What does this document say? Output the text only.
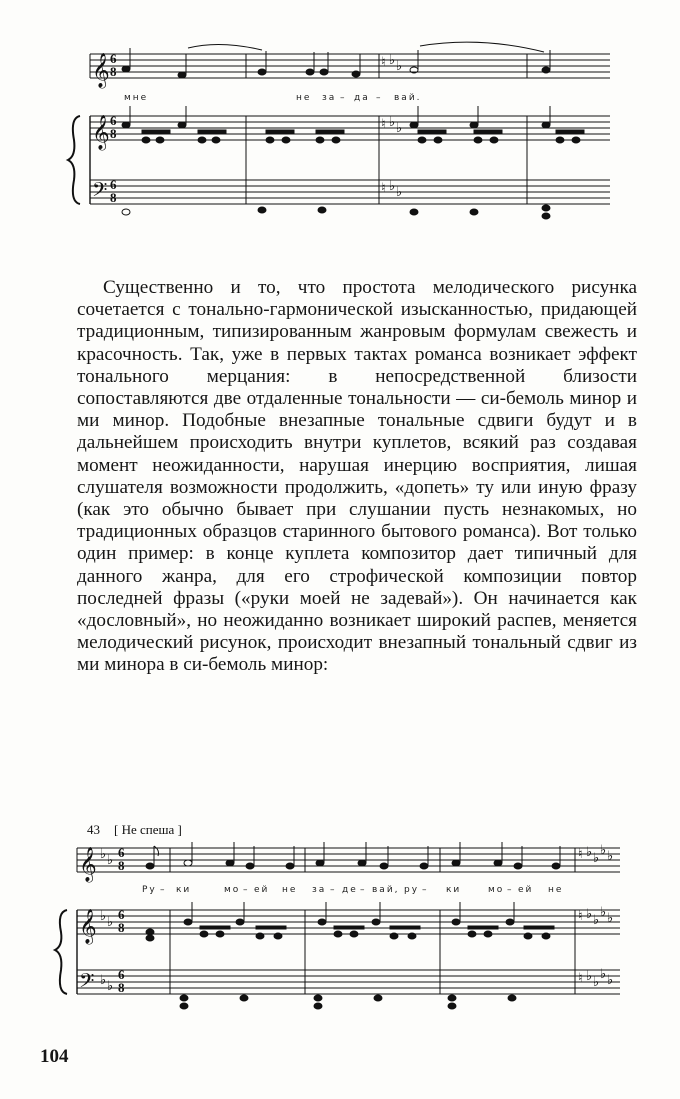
𝄞 6
8
𝄞 6
8
𝄢 6
8
♮ ♭ ♭
♮ ♭ ♭
♮ ♭ ♭
мне	не за – да – вай.

Существенно и то, что простота мелодического рисунка сочетается с тонально-гармонической изысканностью, придающей традиционным, типизированным жанровым формулам свежесть и красочность. Так, уже в первых тактах романса возникает эффект тонального мерцания: в непосредственной близости сопоставляются две отдаленные тональности — си-бемоль минор и ми минор. Подобные внезапные тональные сдвиги будут и в дальнейшем происходить внутри куплетов, всякий раз создавая момент неожиданности, нарушая инерцию восприятия, лишая слушателя возможности продолжить, «допеть» ту или иную фразу (как это обычно бывает при слушании пусть незнакомых, но традиционных образцов старинного бытового романса). Вот только один пример: в конце куплета композитор дает типичный для данного жанра, для его строфической композиции повтор последней фразы («руки моей не задевай»). Он начинается как «дословный», но неожиданно возникает широкий распев, меняется мелодический рисунок, происходит внезапный тональный сдвиг из ми минора в си-бемоль минор:

43 [ Не спеша ]
𝄞 ♭ ♭
6
8
𝄞 ♭ ♭
6
8
𝄢 ♭ ♭
6
8
♮ ♭ ♭
♭ ♭
♮ ♭ ♭
♭ ♭
♮ ♭ ♭
♭ ♭
Ру – ки	мо – ей не за – де – вай, ру – ки	мо – ей не
104
